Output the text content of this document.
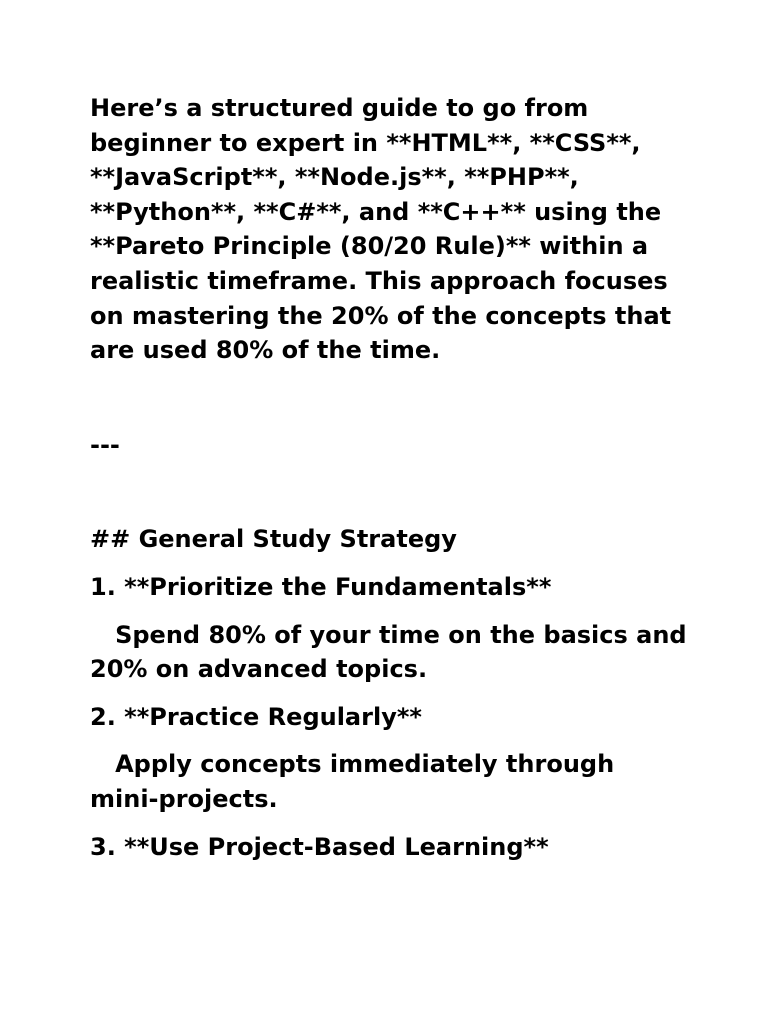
Here’s a structured guide to go from beginner to expert in **HTML**, **CSS**, **JavaScript**, **Node.js**, **PHP**, **Python**, **C#**, and **C++** using the **Pareto Principle (80/20 Rule)** within a realistic timeframe. This approach focuses on mastering the 20% of the concepts that are used 80% of the time.

---

## General Study Strategy

1. **Prioritize the Fundamentals**

Spend 80% of your time on the basics and 20% on advanced topics.

2. **Practice Regularly**

Apply concepts immediately through mini-projects.

3. **Use Project-Based Learning**
